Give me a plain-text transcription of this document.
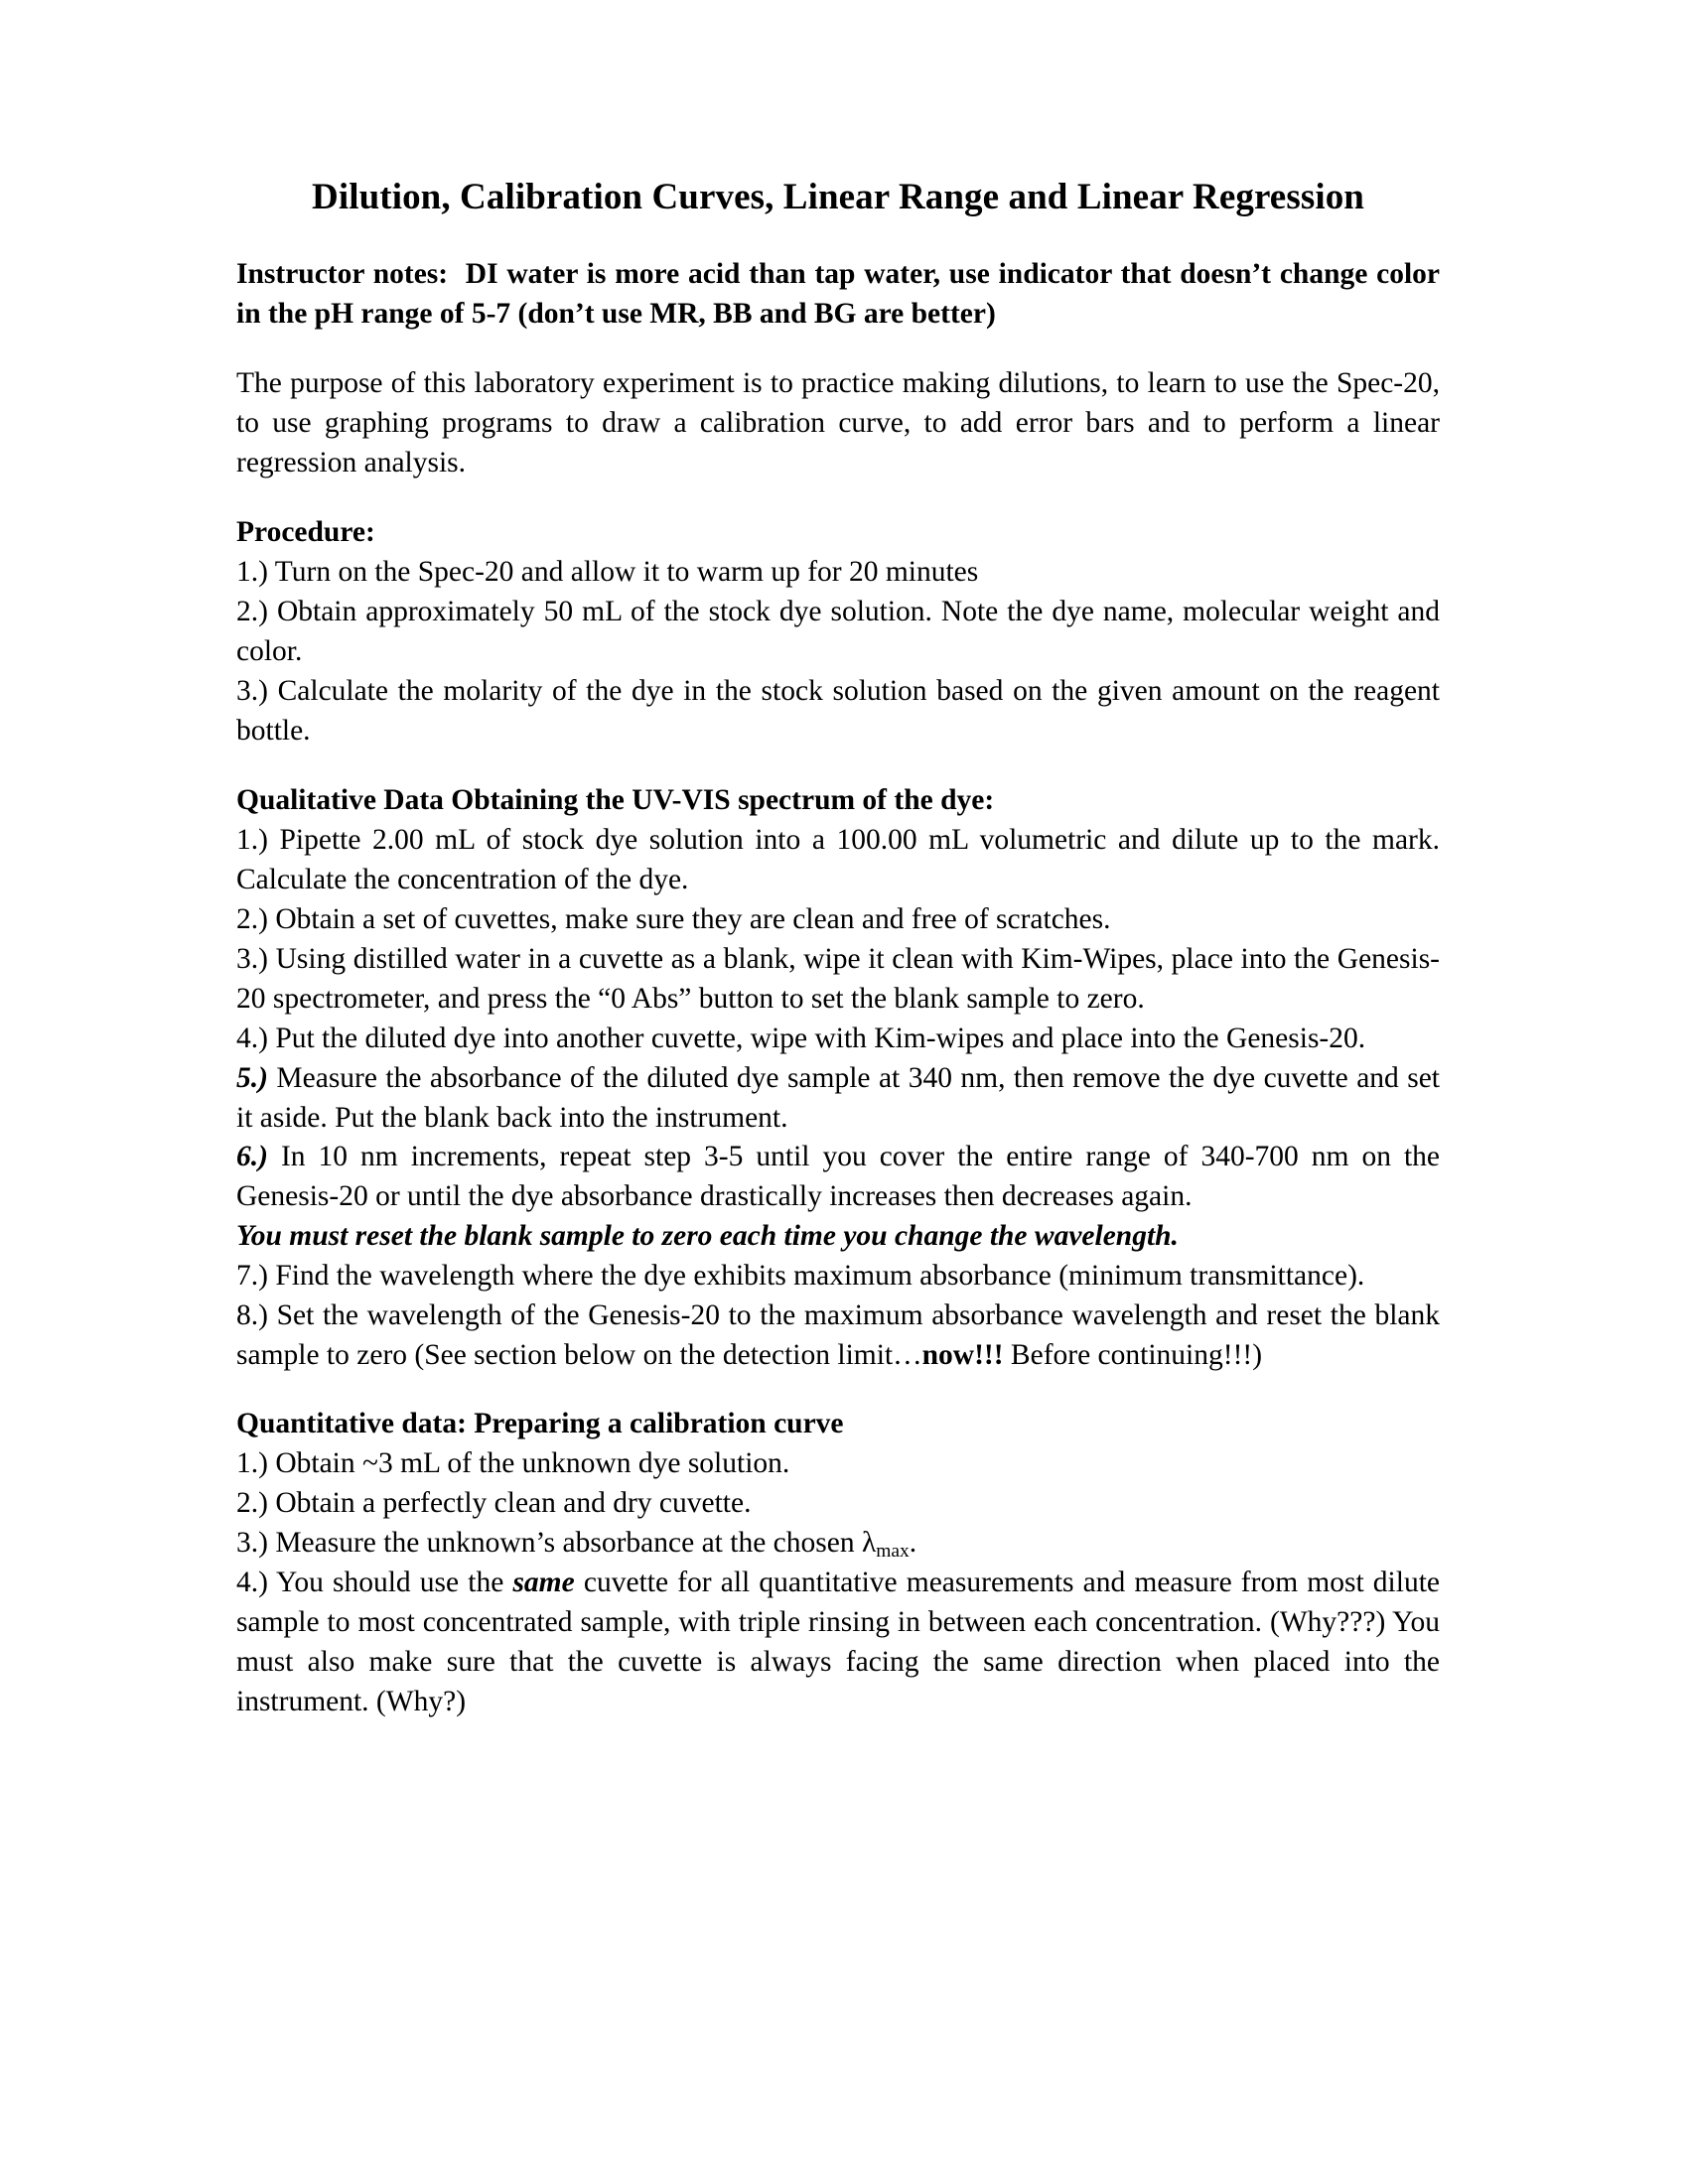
Dilution, Calibration Curves, Linear Range and Linear Regression

Instructor notes: DI water is more acid than tap water, use indicator that doesn’t change color in the pH range of 5-7 (don’t use MR, BB and BG are better)

The purpose of this laboratory experiment is to practice making dilutions, to learn to use the Spec-20, to use graphing programs to draw a calibration curve, to add error bars and to perform a linear regression analysis.

Procedure:

1.) Turn on the Spec-20 and allow it to warm up for 20 minutes

2.) Obtain approximately 50 mL of the stock dye solution. Note the dye name, molecular weight and color.

3.) Calculate the molarity of the dye in the stock solution based on the given amount on the reagent bottle.

Qualitative Data Obtaining the UV-VIS spectrum of the dye:

1.) Pipette 2.00 mL of stock dye solution into a 100.00 mL volumetric and dilute up to the mark. Calculate the concentration of the dye.

2.) Obtain a set of cuvettes, make sure they are clean and free of scratches.

3.) Using distilled water in a cuvette as a blank, wipe it clean with Kim-Wipes, place into the Genesis-20 spectrometer, and press the “0 Abs” button to set the blank sample to zero.

4.) Put the diluted dye into another cuvette, wipe with Kim-wipes and place into the Genesis-20.

5.) Measure the absorbance of the diluted dye sample at 340 nm, then remove the dye cuvette and set it aside. Put the blank back into the instrument.

6.) In 10 nm increments, repeat step 3-5 until you cover the entire range of 340-700 nm on the Genesis-20 or until the dye absorbance drastically increases then decreases again.

You must reset the blank sample to zero each time you change the wavelength.

7.) Find the wavelength where the dye exhibits maximum absorbance (minimum transmittance).

8.) Set the wavelength of the Genesis-20 to the maximum absorbance wavelength and reset the blank sample to zero (See section below on the detection limit…now!!! Before continuing!!!)

Quantitative data: Preparing a calibration curve

1.) Obtain ~3 mL of the unknown dye solution.

2.) Obtain a perfectly clean and dry cuvette.

3.) Measure the unknown’s absorbance at the chosen $\lambda_{max}$.

4.) You should use the same cuvette for all quantitative measurements and measure from most dilute sample to most concentrated sample, with triple rinsing in between each concentration. (Why???) You must also make sure that the cuvette is always facing the same direction when placed into the instrument. (Why?)
